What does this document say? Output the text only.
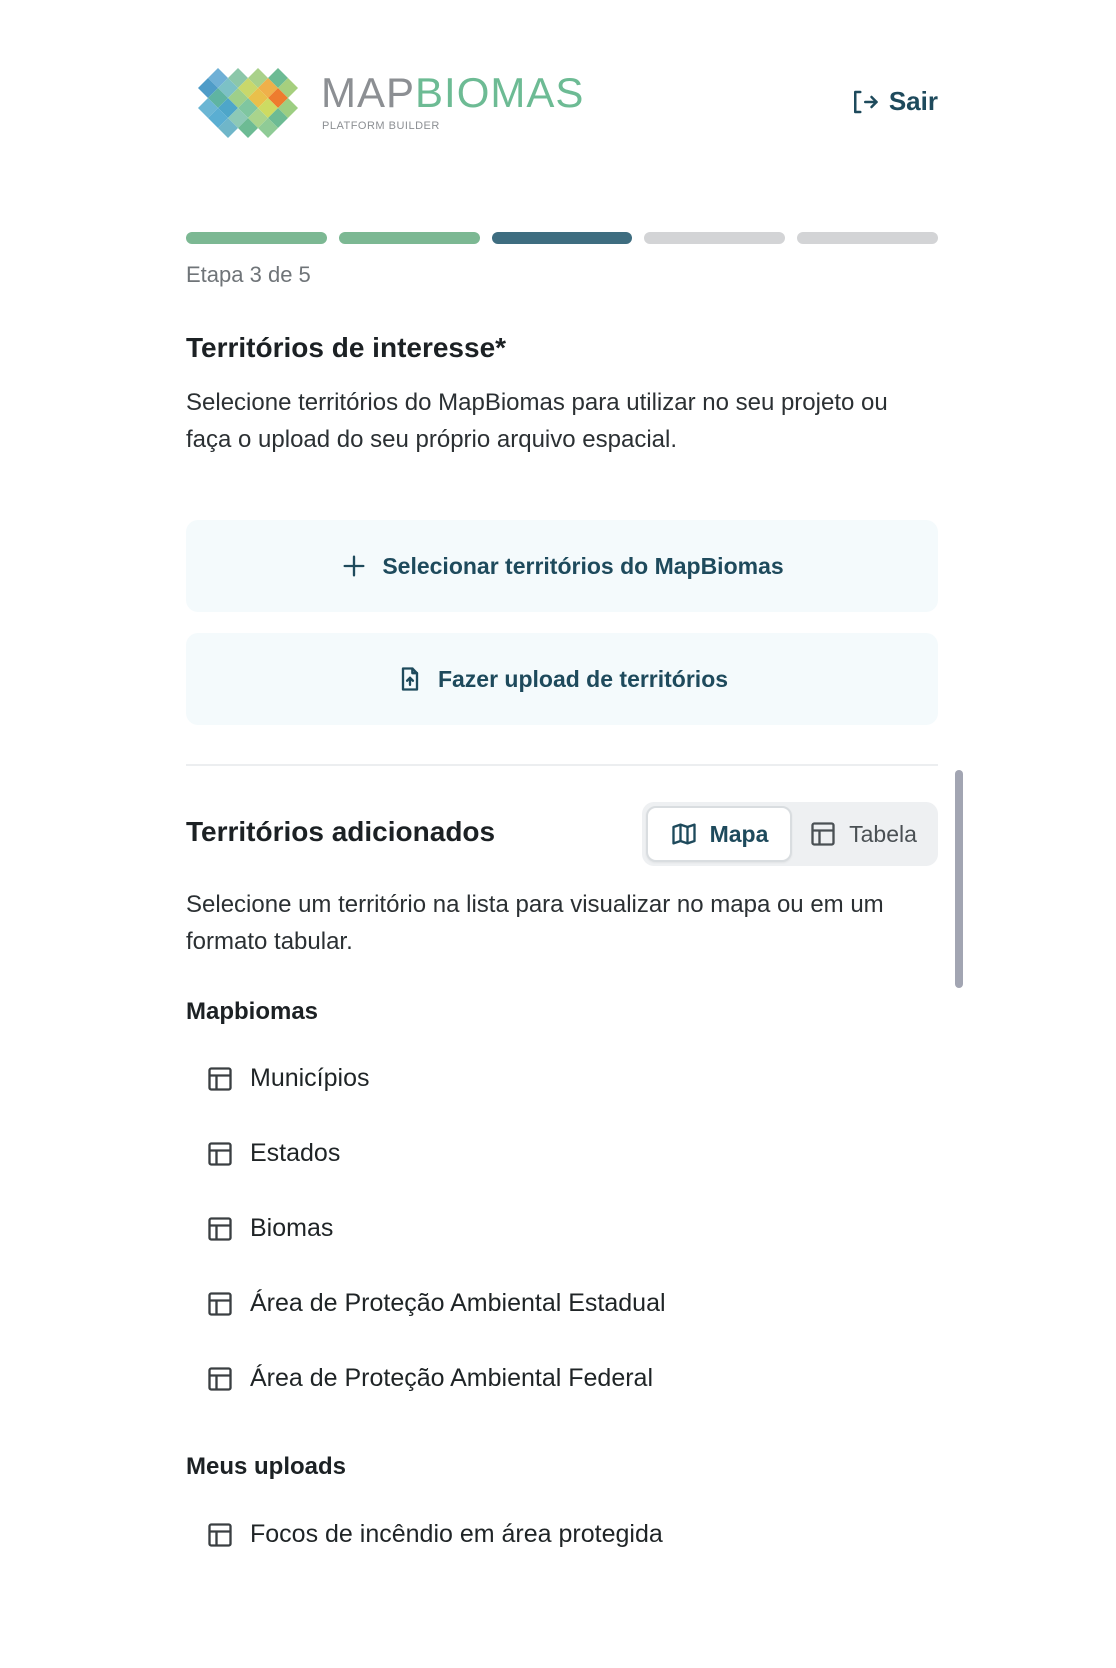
MAPBIOMAS
PLATFORM BUILDER
Sair
Etapa 3 de 5
Territórios de interesse*
Selecione territórios do MapBiomas para utilizar no seu projeto ou faça o upload do seu próprio arquivo espacial.
Selecionar territórios do MapBiomas
Fazer upload de territórios
Territórios adicionados	Mapa	Tabela
Selecione um território na lista para visualizar no mapa ou em um formato tabular.
Mapbiomas
Municípios
Estados
Biomas
Área de Proteção Ambiental Estadual
Área de Proteção Ambiental Federal
Meus uploads
Focos de incêndio em área protegida
